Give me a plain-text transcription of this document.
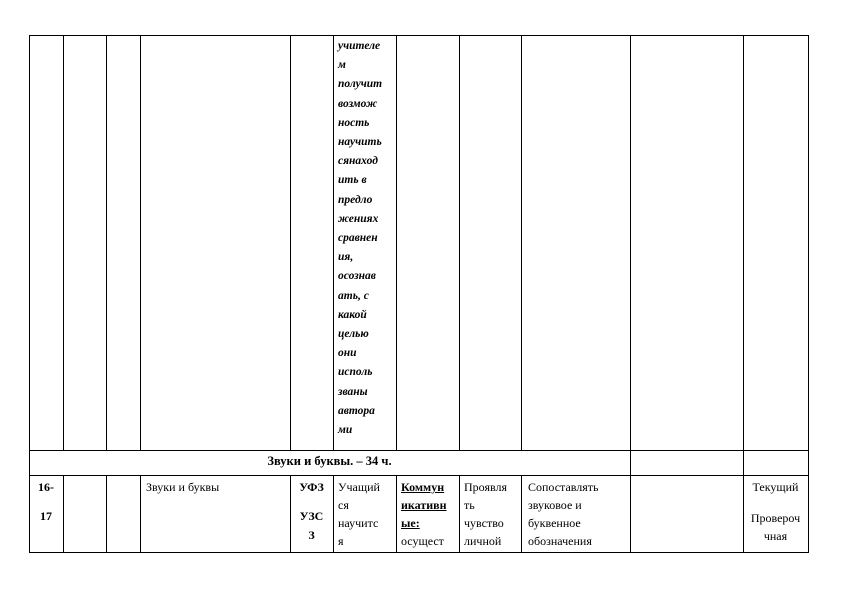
учителе
м
получит
возмож
ность
научить
сянаход
ить в
предло
жениях
сравнен
ия,
осознав
ать, с
какой
целью
они
исполь
званы
автора
ми
Звуки и буквы. – 34 ч.
16-
17
Звуки и буквы	УФЗ
УЗС
З
Учащий
ся
научитс
я
Коммун
икативн
ые:
осущест
Проявля
ть
чувство
личной
Сопоставлять
звуковое и
буквенное
обозначения
Текущий
Провероч
чная
